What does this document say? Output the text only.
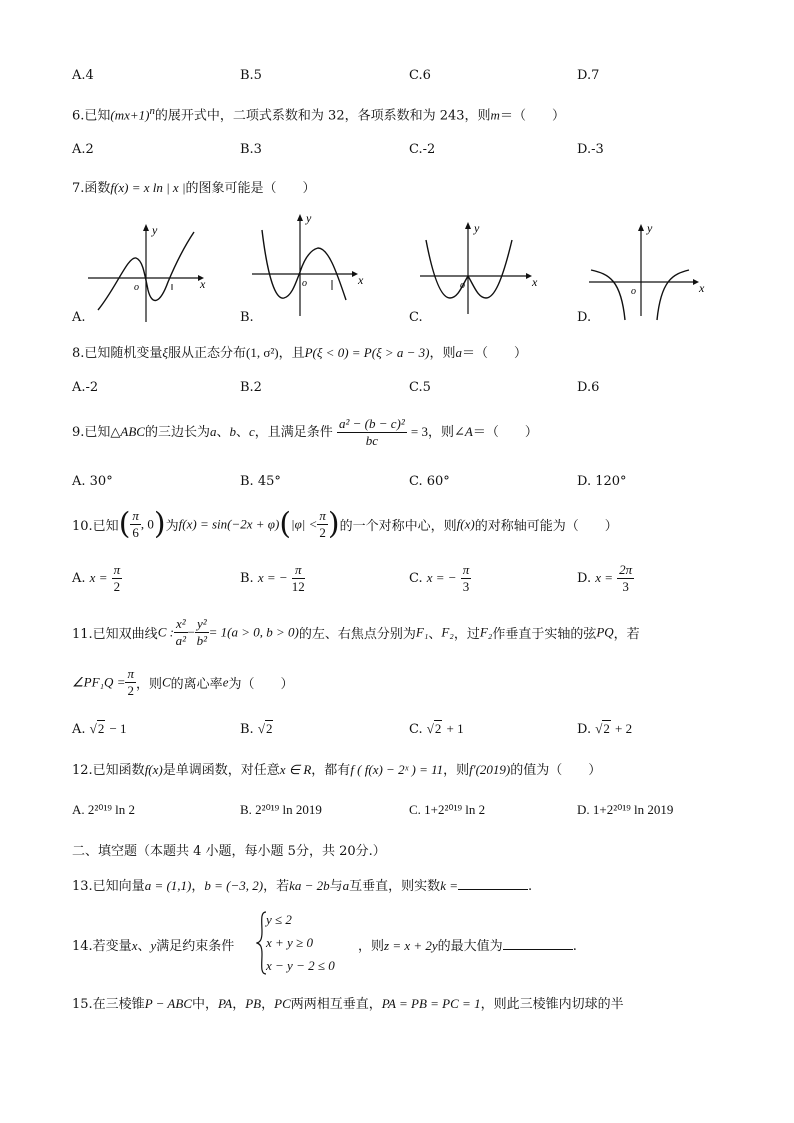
A.4	B.5	C.6	D.7
6.已知$(mx+1)^n$的展开式中，二项式系数和为 32，各项系数和为 243，则m＝（　　）
A.2	B.3	C.-2	D.-3
7.函数f(x) = x ln | x |的图象可能是（　　）
y
x
o
y
x
o
y
x
o
y
x
o
A.	B.	C.	D.
8.已知随机变量ξ服从正态分布(1, σ²)，且P(ξ < 0) = P(ξ > a − 3)，则a＝（　　）
A.-2	B.2	C.5	D.6
9.已知△ABC的三边长为a、b、c，且满足条件 $\frac{\text{a² − (b − c)²}}{bc} = 3$，则∠A＝（　　）
A. 30°	B. 45°	C. 60°	D. 120°
10.已知( $\frac{\pi}{6}$ , 0)为$f(x) = \sin(-2x + \varphi)(|\varphi| < \frac{\pi}{2}$ )的一个对称中心，则f(x)的对称轴可能为（　　）
A. $x = \frac{\pi}{2}$	B. x = − $\frac{\pi}{12}$	C. x = − $\frac{\pi}{3}$	D. $x = \frac{2\pi}{3}$
11.已知双曲线C : $\frac{\text{x²}}{\text{a²}} - \frac{\text{y²}}{\text{b²}} = 1(a > 0$, b > 0)的左、右焦点分别为F₁、F₂，过F₂作垂直于实轴的弦PQ，若
∠PF₁Q = $\frac{\pi}{2}$ ，则C的离心率e为（　　）
A. √2 − 1	B. √2	C. √2 + 1	D. √2 + 2
12.已知函数f(x)是单调函数，对任意x ∈ R，都有f ( f(x) − 2ˣ ) = 11，则f′(2019)的值为（　　）
A. 2²⁰¹⁹ ln 2	B. 2²⁰¹⁹ ln 2019	C. 1+2²⁰¹⁹ ln 2	D. 1+2²⁰¹⁹ ln 2019
二、填空题（本题共 4 小题，每小题 5分，共 20分.）
13.已知向量a = (1,1)，b = (−3, 2)，若ka − 2b与a互垂直，则实数k =	.
14.若变量x、y满足约束条件
y ≤ 2
x + y ≥ 0
x − y − 2 ≤ 0
，则z = x + 2y的最大值为	.
15.在三棱锥P − ABC中，PA，PB，PC两两相互垂直，PA = PB = PC = 1，则此三棱锥内切球的半
